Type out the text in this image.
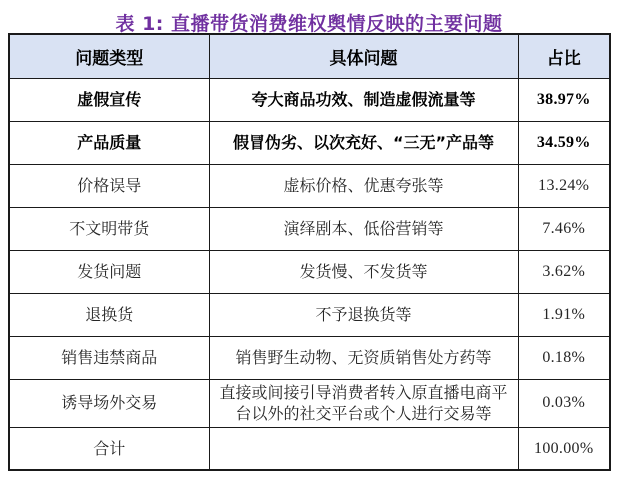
表 1: 直播带货消费维权舆情反映的主要问题
问题类型	具体问题	占比
虚假宣传	夸大商品功效、制造虚假流量等	38.97%
产品质量	假冒伪劣、以次充好、“三无”产品等	34.59%
价格误导	虚标价格、优惠夸张等	13.24%
不文明带货	演绎剧本、低俗营销等	7.46%
发货问题	发货慢、不发货等	3.62%
退换货	不予退换货等	1.91%
销售违禁商品	销售野生动物、无资质销售处方药等	0.18%
诱导场外交易	直接或间接引导消费者转入原直播电商平台以外的社交平台或个人进行交易等	0.03%
合计		100.00%
